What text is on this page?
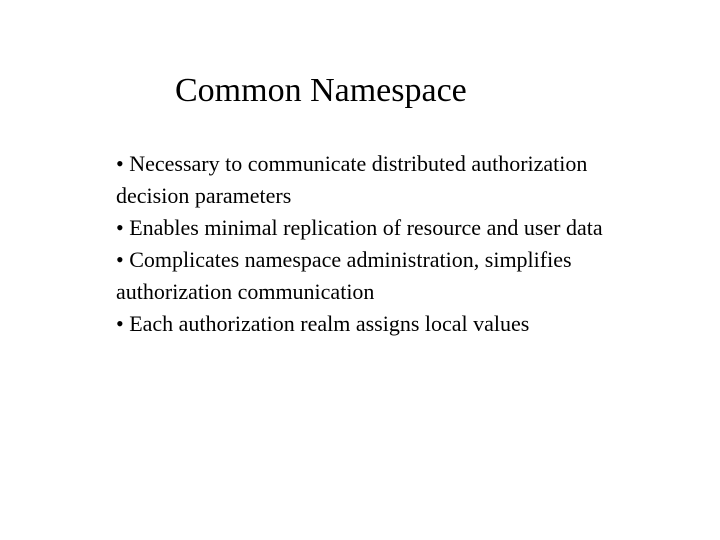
Common Namespace
• Necessary to communicate distributed authorization decision parameters
• Enables minimal replication of resource and user data
• Complicates namespace administration, simplifies authorization communication
• Each authorization realm assigns local values
